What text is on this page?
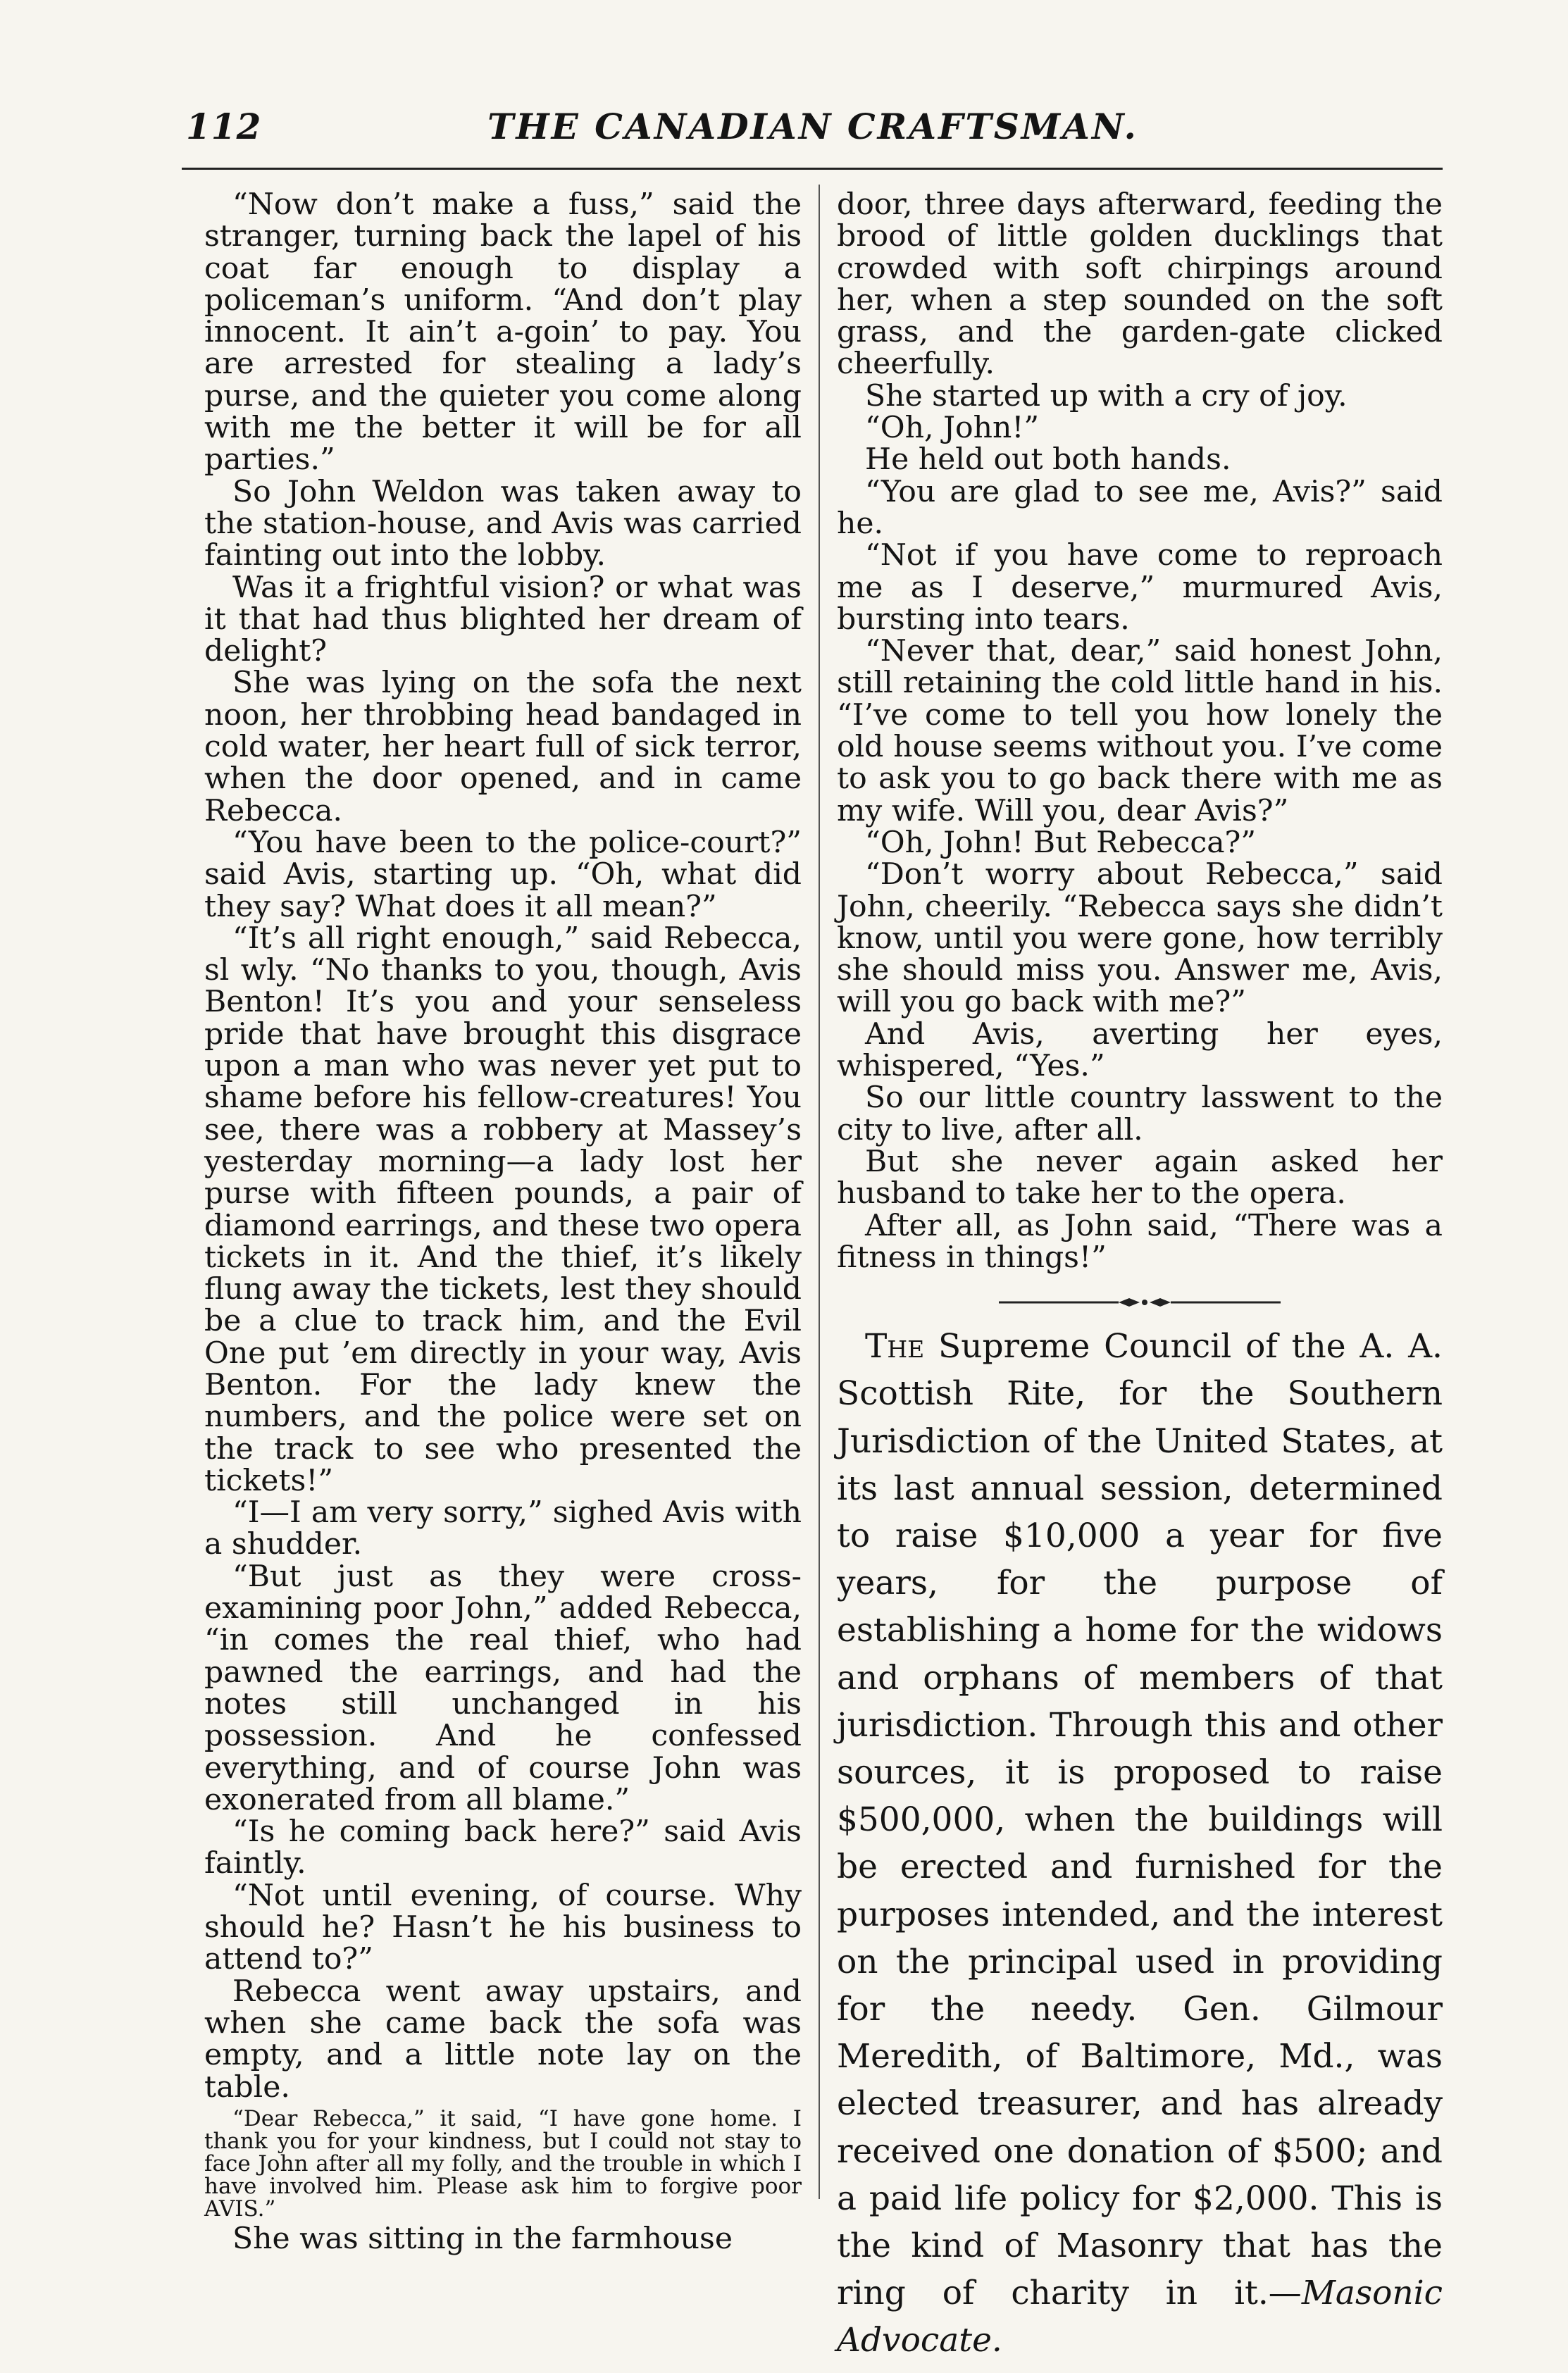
112	THE CANADIAN CRAFTSMAN.

“Now don’t make a fuss,” said the stranger, turning back the lapel of his coat far enough to display a policeman’s uniform. “And don’t play innocent. It ain’t a-goin’ to pay. You are arrested for stealing a lady’s purse, and the quieter you come along with me the better it will be for all parties.”

So John Weldon was taken away to the station-house, and Avis was carried fainting out into the lobby.

Was it a frightful vision? or what was it that had thus blighted her dream of delight?

She was lying on the sofa the next noon, her throbbing head bandaged in cold water, her heart full of sick terror, when the door opened, and in came Rebecca.

“You have been to the police-court?” said Avis, starting up. “Oh, what did they say? What does it all mean?”

“It’s all right enough,” said Rebecca, sl wly. “No thanks to you, though, Avis Benton! It’s you and your senseless pride that have brought this disgrace upon a man who was never yet put to shame before his fellow-creatures! You see, there was a robbery at Massey’s yesterday morning—a lady lost her purse with fifteen pounds, a pair of diamond earrings, and these two opera tickets in it. And the thief, it’s likely flung away the tickets, lest they should be a clue to track him, and the Evil One put ’em directly in your way, Avis Benton. For the lady knew the numbers, and the police were set on the track to see who presented the tickets!”

“I—I am very sorry,” sighed Avis with a shudder.

“But just as they were cross-examining poor John,” added Rebecca, “in comes the real thief, who had pawned the earrings, and had the notes still unchanged in his possession. And he confessed everything, and of course John was exonerated from all blame.”

“Is he coming back here?” said Avis faintly.

“Not until evening, of course. Why should he? Hasn’t he his business to attend to?”

Rebecca went away upstairs, and when she came back the sofa was empty, and a little note lay on the table.

“Dear Rebecca,” it said, “I have gone home. I thank you for your kindness, but I could not stay to face John after all my folly, and the trouble in which I have involved him. Please ask him to forgive poor AVIS.”

She was sitting in the farmhouse

door, three days afterward, feeding the brood of little golden ducklings that crowded with soft chirpings around her, when a step sounded on the soft grass, and the garden-gate clicked cheerfully.

She started up with a cry of joy.

“Oh, John!”

He held out both hands.

“You are glad to see me, Avis?” said he.

“Not if you have come to reproach me as I deserve,” murmured Avis, bursting into tears.

“Never that, dear,” said honest John, still retaining the cold little hand in his. “I’ve come to tell you how lonely the old house seems without you. I’ve come to ask you to go back there with me as my wife. Will you, dear Avis?”

“Oh, John! But Rebecca?”

“Don’t worry about Rebecca,” said John, cheerily. “Rebecca says she didn’t know, until you were gone, how terribly she should miss you. Answer me, Avis, will you go back with me?”

And Avis, averting her eyes, whispered, “Yes.”

So our little country lasswent to the city to live, after all.

But she never again asked her husband to take her to the opera.

After all, as John said, “There was a fitness in things!”

The Supreme Council of the A. A. Scottish Rite, for the Southern Jurisdiction of the United States, at its last annual session, determined to raise $10,000 a year for five years, for the purpose of establishing a home for the widows and orphans of members of that jurisdiction. Through this and other sources, it is proposed to raise $500,000, when the buildings will be erected and furnished for the purposes intended, and the interest on the principal used in providing for the needy. Gen. Gilmour Meredith, of Baltimore, Md., was elected treasurer, and has already received one donation of $500; and a paid life policy for $2,000. This is the kind of Masonry that has the ring of charity in it.—Masonic Advocate.
